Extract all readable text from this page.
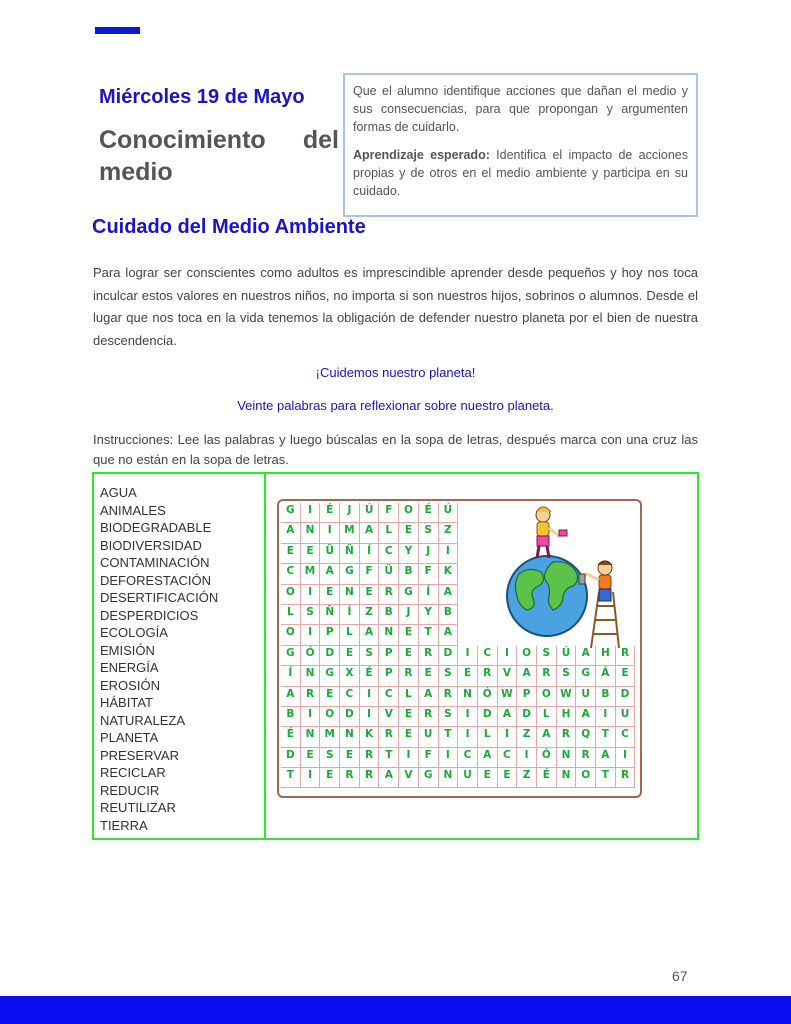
Miércoles 19 de Mayo
Conocimiento del medio

Que el alumno identifique acciones que dañan el medio y sus consecuencias, para que propongan y argumenten formas de cuidarlo.

Aprendizaje esperado: Identifica el impacto de acciones propias y de otros en el medio ambiente y participa en su cuidado.

Cuidado del Medio Ambiente

Para lograr ser conscientes como adultos es imprescindible aprender desde pequeños y hoy nos toca inculcar estos valores en nuestros niños, no importa si son nuestros hijos, sobrinos o alumnos. Desde el lugar que nos toca en la vida tenemos la obligación de defender nuestro planeta por el bien de nuestra descendencia.

¡Cuidemos nuestro planeta!
Veinte palabras para reflexionar sobre nuestro planeta.

Instrucciones: Lee las palabras y luego búscalas en la sopa de letras, después marca con una cruz las que no están en la sopa de letras.

AGUA
ANIMALES
BIODEGRADABLE
BIODIVERSIDAD
CONTAMINACIÓN
DEFORESTACIÓN
DESERTIFICACIÓN
DESPERDICIOS
ECOLOGÍA
EMISIÓN
ENERGÍA
EROSIÓN
HÁBITAT
NATURALEZA
PLANETA
PRESERVAR
RECICLAR
REDUCIR
REUTILIZAR
TIERRA
G	I	É	J	Ú	F	O	É	Ú
A	N	I	M A	L	E	S	Z
E	E	Ü	Ñ	Í	C	Y	J	I
C	M A	G	F	Ü	B	F	K
O	I	E	N	E	R	G	Í	A
L	S	Ñ	Í	Z	B	J	Y	B
O	I	P	L	A	N	E	T	A
G	Ó	D	E	S	P	E	R	D	I	C	I	O	S	Ú	A	H	R
Í	N	G	X	É	P	R	E	S	E	R	V	A	R	S	G	Á	E
A	R	E	C	I	C	L	A	R	N	Ó W P	O W U	B	D
B	I	O	D	I	V	E	R	S	I	D	A	D	L	H	A	I	U
É	N M N	K	R	E	U	T	I	L	I	Z	A	R	Q	T	C
D	E	S	E	R	T	I	F	I	C	A	C	I	Ó	N	R	A	I
T	I	E	R	R	A	V	G	N	U	E	E	Z	É	N	O	T	R
67
